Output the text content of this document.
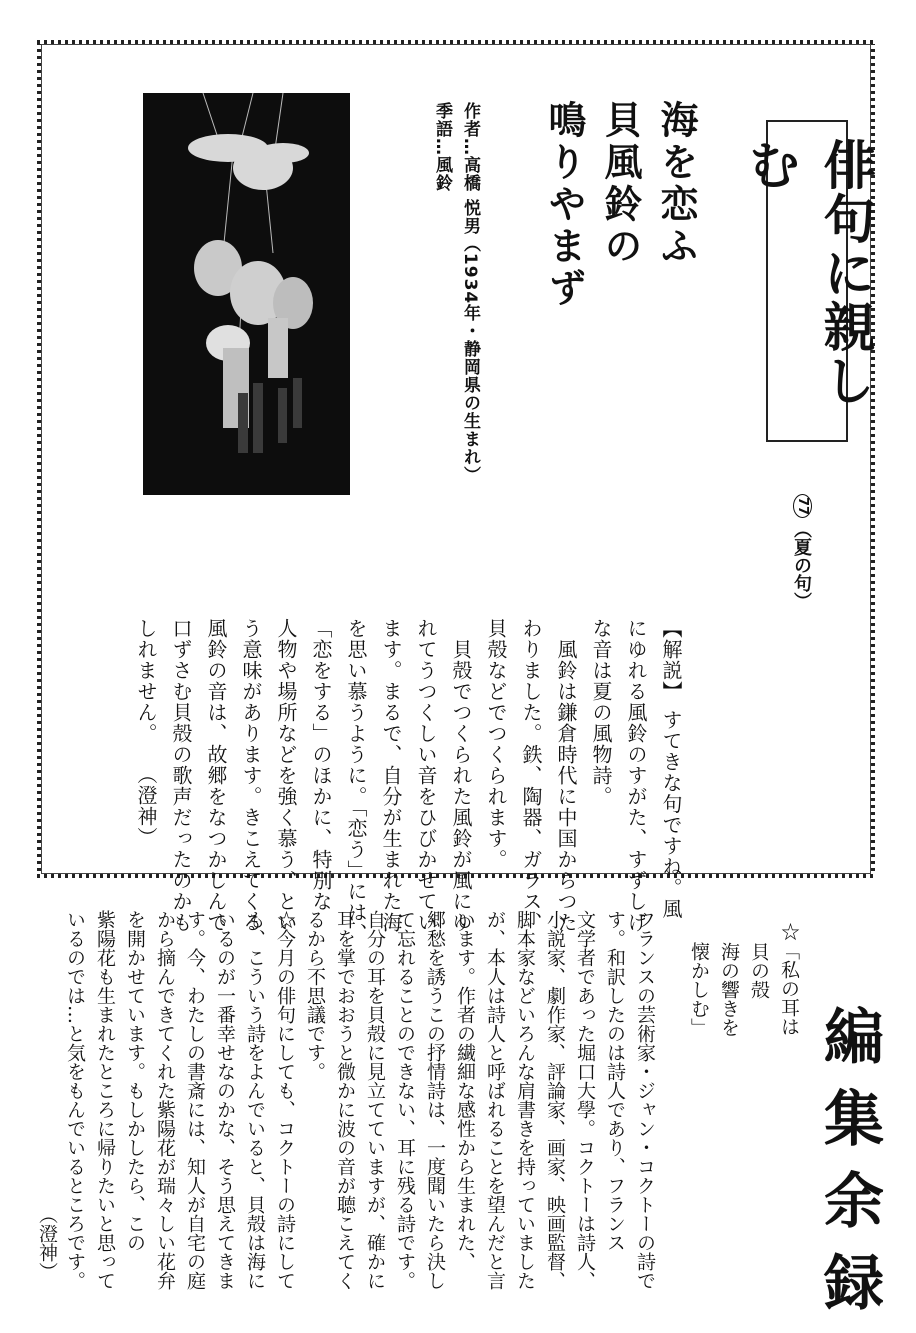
俳句に親しむ
77
（夏の句）
海を恋ふ
貝風鈴の
鳴りやまず
作者…高橋 悦男（1934年・静岡県の生まれ）
季語…風鈴
【解説】 すてきな句ですね。風
にゆれる風鈴のすがた、すずしげ
な音は夏の風物詩。
　風鈴は鎌倉時代に中国からつた
わりました。鉄、陶器、ガラス、
貝殻などでつくられます。
　貝殻でつくられた風鈴が風にゆ
れてうつくしい音をひびかせてい
ます。まるで、自分が生まれた海
を思い慕うように。「恋う」には、
「恋をする」のほかに、特別な
人物や場所などを強く慕う、とい
う意味があります。きこえてくる
風鈴の音は、故郷をなつかしんで
口ずさむ貝殻の歌声だったのかも
しれません。
（澄神）
編集余録
☆「私の耳は
貝の殻
海の響きを
懐かしむ」
フランスの芸術家・ジャン・コクトーの詩で
す。和訳したのは詩人であり、フランス
文学者であった堀口大學。コクトーは詩人、
小説家、劇作家、評論家、画家、映画監督、
脚本家などいろんな肩書きを持っていました
が、本人は詩人と呼ばれることを望んだと言
います。作者の繊細な感性から生まれた、
郷愁を誘うこの抒情詩は、一度聞いたら決し
て忘れることのできない、耳に残る詩です。
自分の耳を貝殻に見立てていますが、確かに
耳を掌でおおうと微かに波の音が聴こえてく
るから不思議です。
☆今月の俳句にしても、コクトーの詩にして
も、こういう詩をよんでいると、貝殻は海に
いるのが一番幸せなのかな、そう思えてきま
す。今、わたしの書斎には、知人が自宅の庭
から摘んできてくれた紫陽花が瑞々しい花弁
を開かせています。もしかしたら、この
紫陽花も生まれたところに帰りたいと思って
いるのでは…と気をもんでいるところです。
（澄神）
